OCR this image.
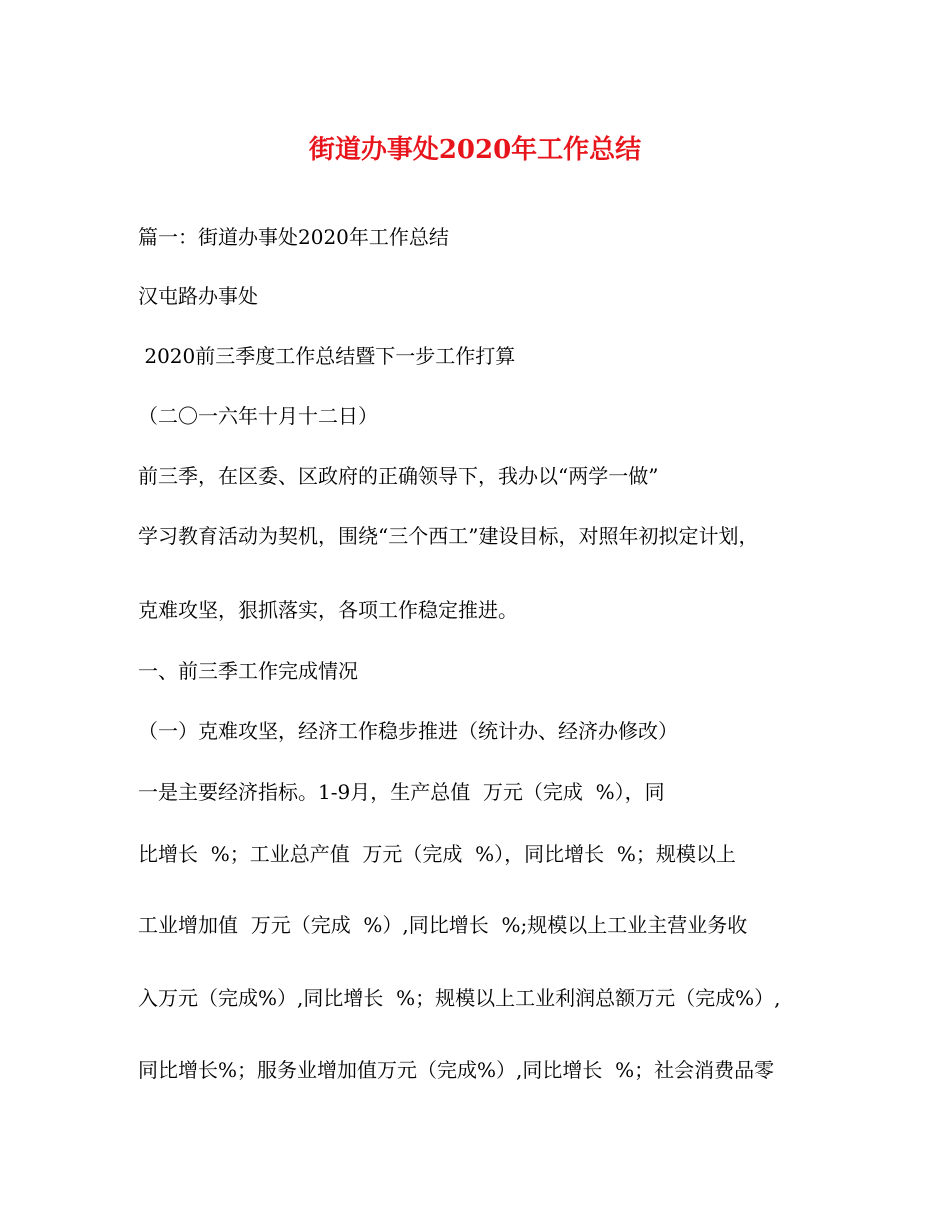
街道办事处2020年工作总结
篇一：街道办事处2020年工作总结
汉屯路办事处
2020前三季度工作总结暨下一步工作打算
（二〇一六年十月十二日）
前三季，在区委、区政府的正确领导下，我办以“两学一做”
学习教育活动为契机，围绕“三个西工”建设目标，对照年初拟定计划，
克难攻坚，狠抓落实，各项工作稳定推进。
一、前三季工作完成情况
（一）克难攻坚，经济工作稳步推进（统计办、经济办修改）
一是主要经济指标。1-9月，生产总值  万元（完成  %），同
比增长  %；工业总产值  万元（完成  %），同比增长  %；规模以上
工业增加值  万元（完成  %）,同比增长  %;规模以上工业主营业务收
入万元（完成%）,同比增长  %；规模以上工业利润总额万元（完成%）,
同比增长%；服务业增加值万元（完成%）,同比增长  %；社会消费品零
